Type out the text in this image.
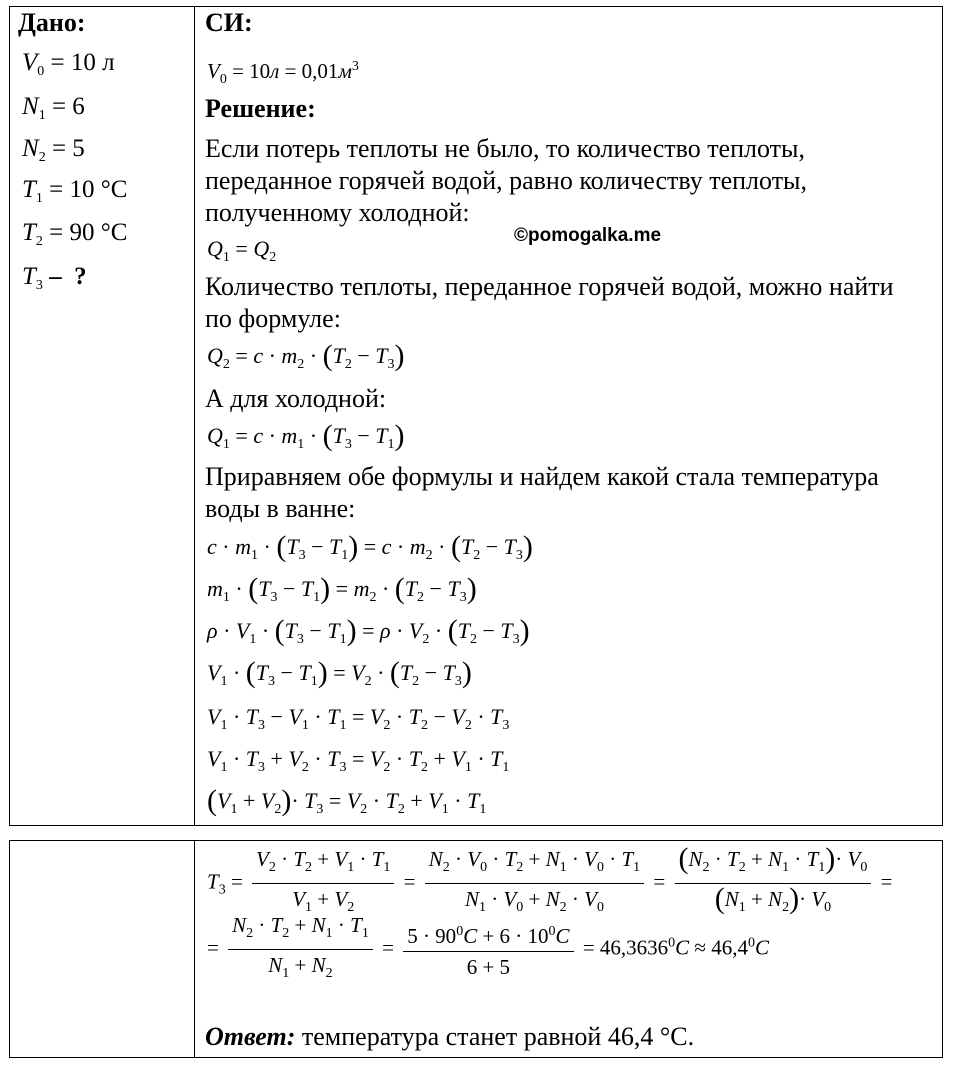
Дано:
$V_0 = 10$ л
$N_1 = 6$
$N_2 = 5$
$T_1 = 10$ °C
$T_2 = 90$ °C
$T_3$ –  ?
СИ:
$V_0 = 10л = 0,01м^3$
Решение:
Если потерь теплоты не было, то количество теплоты,
переданное горячей водой, равно количеству теплоты,
полученному холодной:
©pomogalka.me
$Q_1 = Q_2$
Количество теплоты, переданное горячей водой, можно найти
по формуле:
$Q_2 = c \cdot m_2 \cdot (T_2 - T_3)$
А для холодной:
$Q_1 = c \cdot m_1 \cdot (T_3 - T_1)$
Приравняем обе формулы и найдем какой стала температура
воды в ванне:
$c \cdot m_1 \cdot (T_3 - T_1) = c \cdot m_2 \cdot (T_2 - T_3)$
$m_1 \cdot (T_3 - T_1) = m_2 \cdot (T_2 - T_3)$
$\rho \cdot V_1 \cdot (T_3 - T_1) = \rho \cdot V_2 \cdot (T_2 - T_3)$
$V_1 \cdot (T_3 - T_1) = V_2 \cdot (T_2 - T_3)$
$V_1 \cdot T_3 - V_1 \cdot T_1 = V_2 \cdot T_2 - V_2 \cdot T_3$
$V_1 \cdot T_3 + V_2 \cdot T_3 = V_2 \cdot T_2 + V_1 \cdot T_1$
$(V_1 + V_2)\cdot T_3 = V_2 \cdot T_2 + V_1 \cdot T_1$
$T_3 = \frac{V_2 \cdot T_2 + V_1 \cdot T_1}{V_1 + V_2} = \frac{N_2 \cdot V_0 \cdot T_2 + N_1 \cdot V_0 \cdot T_1}{N_1 \cdot V_0 + N_2 \cdot V_0} = \frac{(N_2 \cdot T_2 + N_1 \cdot T_1)\cdot V_0}{(N_1 + N_2)\cdot V_0}$ =
= $\frac{N_2 \cdot T_2 + N_1 \cdot T_1}{N_1 + N_2} = \frac{5 \cdot 90^0C + 6 \cdot 10^0C}{6 + 5} = 46,3636^0C \approx 46,4^0C$
Ответ: температура станет равной 46,4 °С.
